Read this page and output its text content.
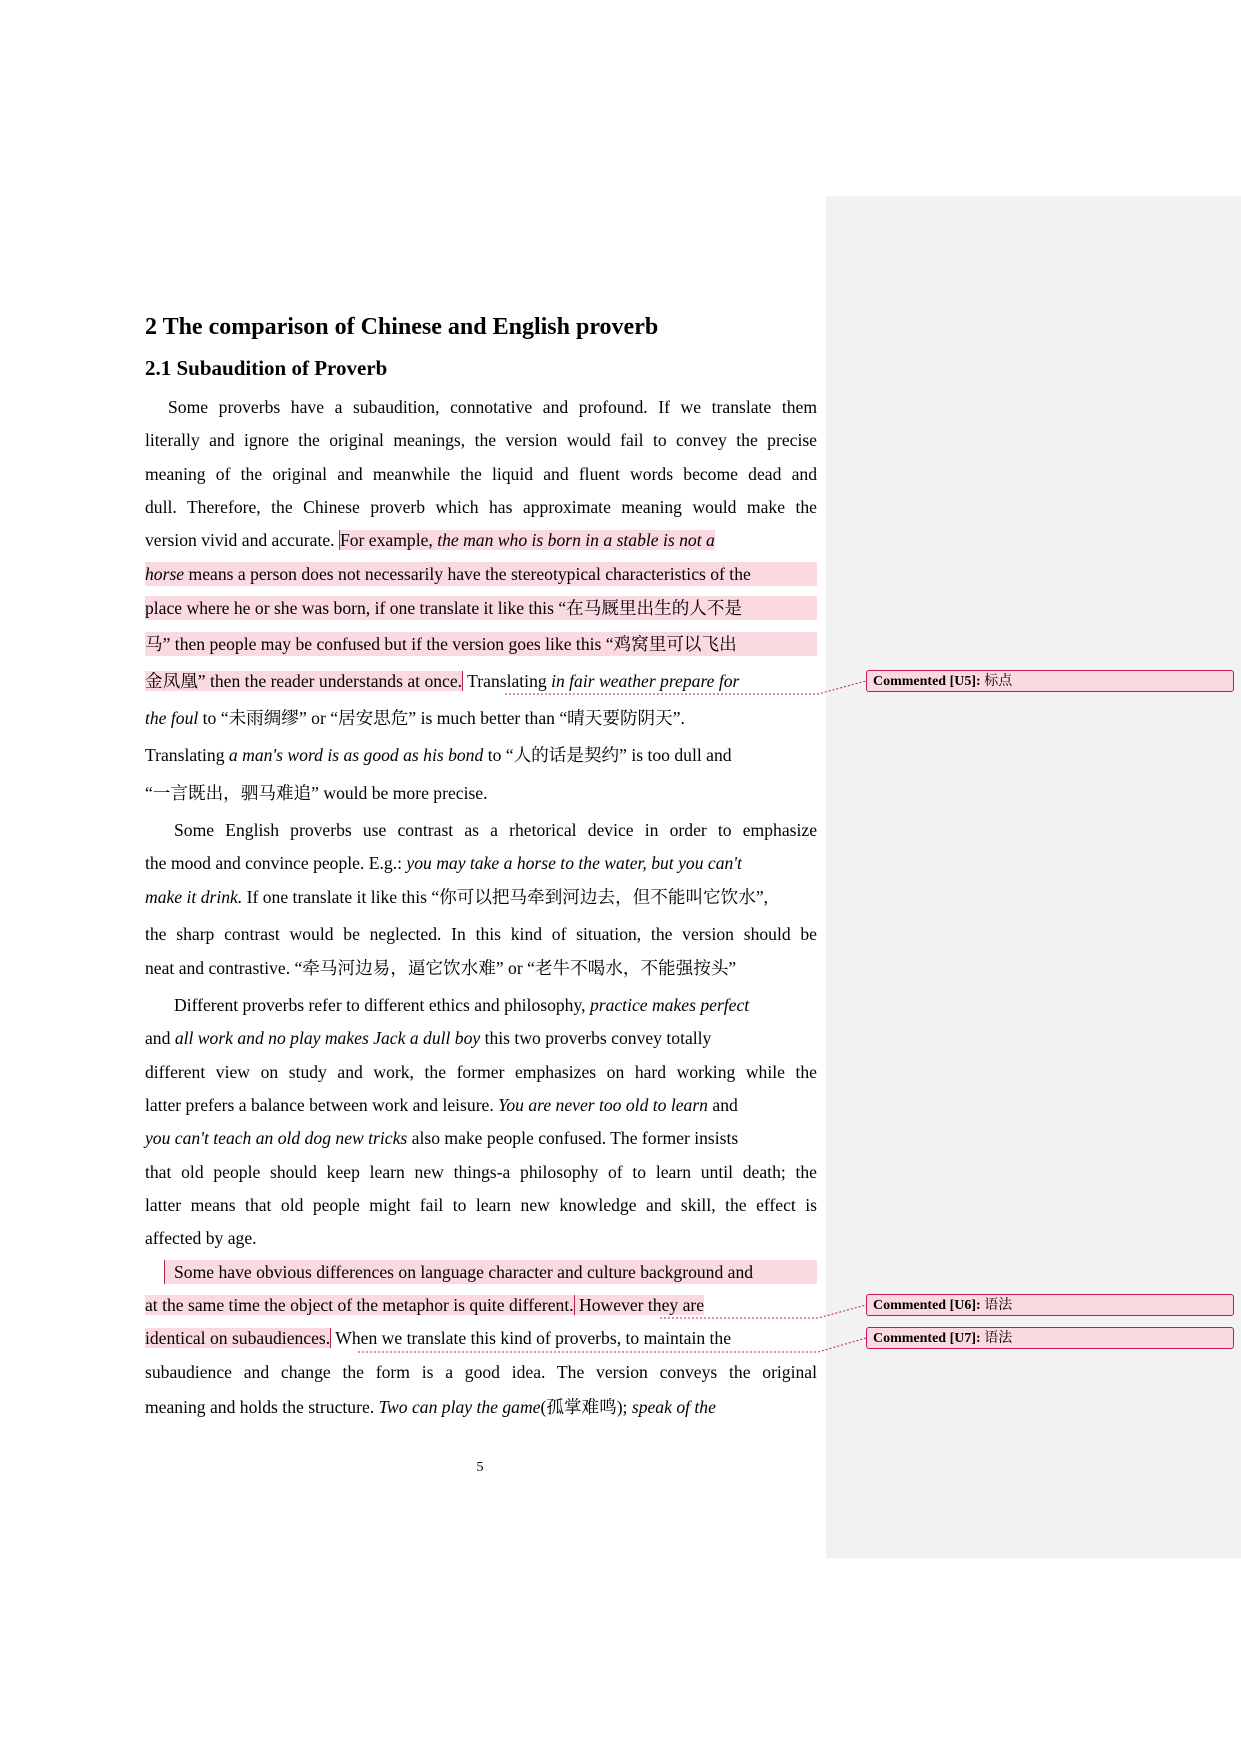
2 The comparison of Chinese and English proverb
2.1 Subaudition of Proverb
Some proverbs have a subaudition, connotative and profound. If we translate them
literally and ignore the original meanings, the version would fail to convey the precise
meaning of the original and meanwhile the liquid and fluent words become dead and
dull. Therefore, the Chinese proverb which has approximate meaning would make the
version vivid and accurate. For example, the man who is born in a stable is not a
horse means a person does not necessarily have the stereotypical characteristics of the
place where he or she was born, if one translate it like this “在马厩里出生的人不是
马” then people may be confused but if the version goes like this “鸡窝里可以飞出
金凤凰” then the reader understands at once. Translating in fair weather prepare for
the foul to “未雨绸缪” or “居安思危” is much better than “晴天要防阴天”.
Translating a man's word is as good as his bond to “人的话是契约” is too dull and
“一言既出，驷马难追” would be more precise.
Some English proverbs use contrast as a rhetorical device in order to emphasize
the mood and convince people. E.g.: you may take a horse to the water, but you can't
make it drink. If one translate it like this “你可以把马牵到河边去，但不能叫它饮水”,
the sharp contrast would be neglected. In this kind of situation, the version should be
neat and contrastive. “牵马河边易，逼它饮水难” or “老牛不喝水，不能强按头”
Different proverbs refer to different ethics and philosophy, practice makes perfect
and all work and no play makes Jack a dull boy this two proverbs convey totally
different view on study and work, the former emphasizes on hard working while the
latter prefers a balance between work and leisure. You are never too old to learn and
you can't teach an old dog new tricks also make people confused. The former insists
that old people should keep learn new things-a philosophy of to learn until death; the
latter means that old people might fail to learn new knowledge and skill, the effect is
affected by age.
Some have obvious differences on language character and culture background and
at the same time the object of the metaphor is quite different. However they are
identical on subaudiences. When we translate this kind of proverbs, to maintain the
subaudience and change the form is a good idea. The version conveys the original
meaning and holds the structure. Two can play the game(孤掌难鸣); speak of the
5
Commented [U5]: 标点
Commented [U6]: 语法
Commented [U7]: 语法
